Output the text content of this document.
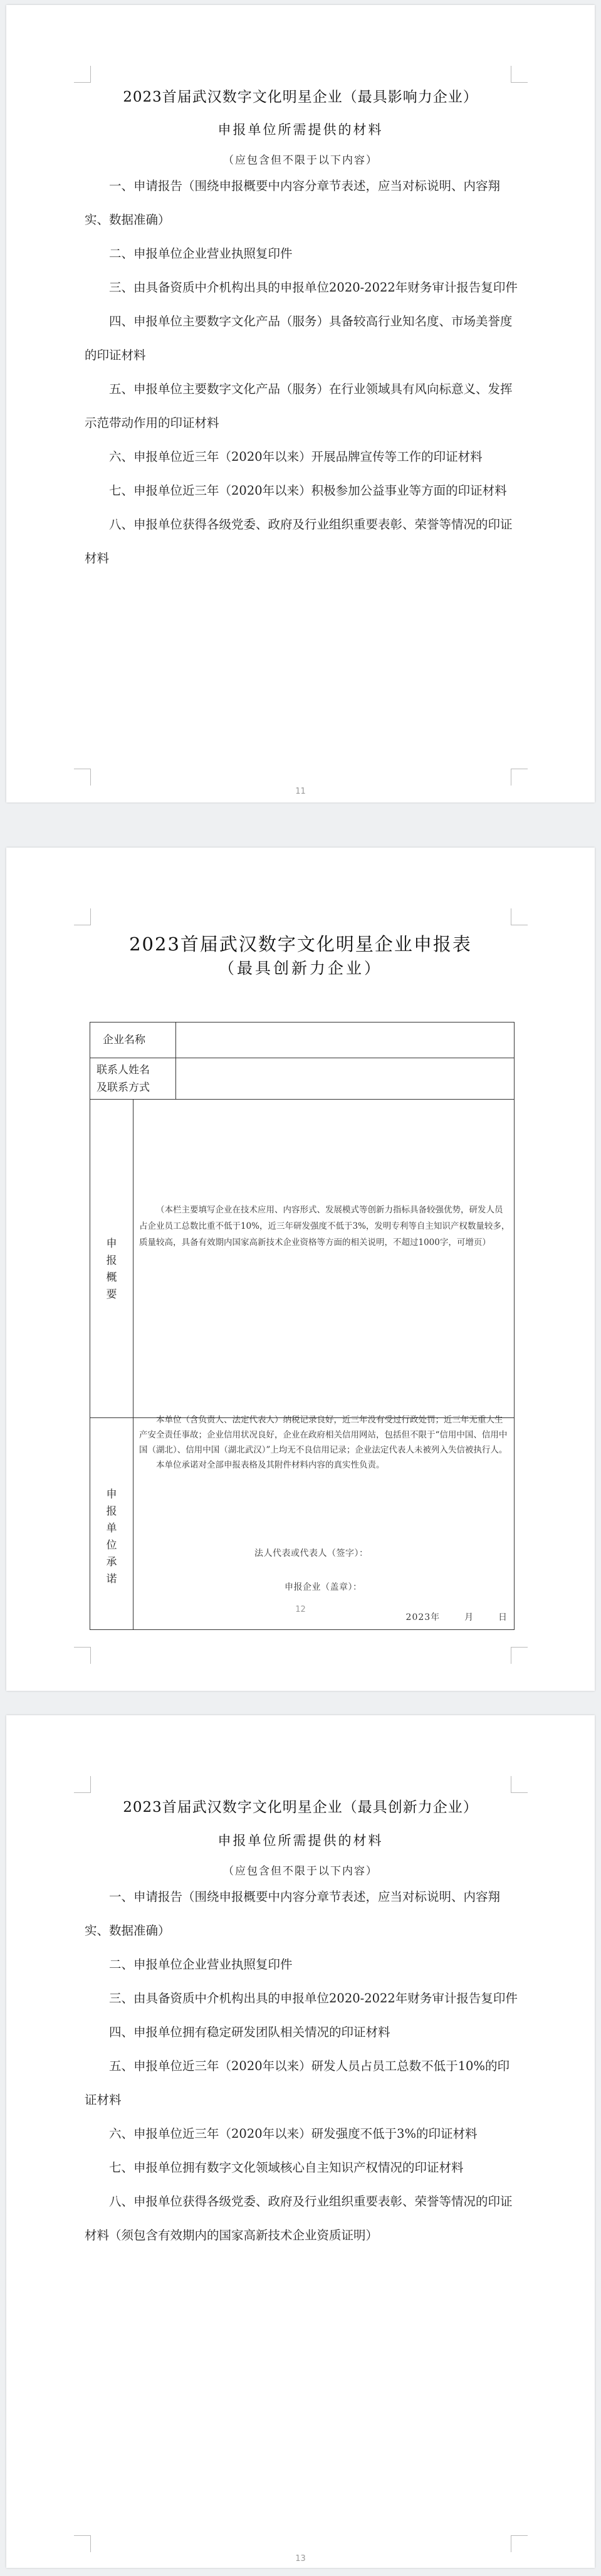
2023首届武汉数字文化明星企业（最具影响力企业）
申报单位所需提供的材料
（应包含但不限于以下内容）

一、申请报告（围绕申报概要中内容分章节表述，应当对标说明、内容翔实、数据准确）

二、申报单位企业营业执照复印件

三、由具备资质中介机构出具的申报单位2020-2022年财务审计报告复印件

四、申报单位主要数字文化产品（服务）具备较高行业知名度、市场美誉度的印证材料

五、申报单位主要数字文化产品（服务）在行业领域具有风向标意义、发挥示范带动作用的印证材料

六、申报单位近三年（2020年以来）开展品牌宣传等工作的印证材料

七、申报单位近三年（2020年以来）积极参加公益事业等方面的印证材料

八、申报单位获得各级党委、政府及行业组织重要表彰、荣誉等情况的印证材料

11
2023首届武汉数字文化明星企业申报表
（最具创新力企业）
企业名称
联系人姓名
及联系方式
申报概要
（本栏主要填写企业在技术应用、内容形式、发展模式等创新力指标具备较强优势，研发人员占企业员工总数比重不低于10%，近三年研发强度不低于3%，发明专利等自主知识产权数量较多，质量较高，具备有效期内国家高新技术企业资格等方面的相关说明，不超过1000字，可增页）
申报单位承诺

本单位（含负责人、法定代表人）纳税记录良好，近三年没有受过行政处罚；近三年无重大生产安全责任事故；企业信用状况良好，企业在政府相关信用网站，包括但不限于“信用中国、信用中国（湖北）、信用中国（湖北武汉）”上均无不良信用记录；企业法定代表人未被列入失信被执行人。

本单位承诺对全部申报表格及其附件材料内容的真实性负责。

法人代表或代表人（签字）：
申报企业（盖章）：
2023年	月	日
12
2023首届武汉数字文化明星企业（最具创新力企业）
申报单位所需提供的材料
（应包含但不限于以下内容）

一、申请报告（围绕申报概要中内容分章节表述，应当对标说明、内容翔实、数据准确）

二、申报单位企业营业执照复印件

三、由具备资质中介机构出具的申报单位2020-2022年财务审计报告复印件

四、申报单位拥有稳定研发团队相关情况的印证材料

五、申报单位近三年（2020年以来）研发人员占员工总数不低于10%的印证材料

六、申报单位近三年（2020年以来）研发强度不低于3%的印证材料

七、申报单位拥有数字文化领域核心自主知识产权情况的印证材料

八、申报单位获得各级党委、政府及行业组织重要表彰、荣誉等情况的印证材料（须包含有效期内的国家高新技术企业资质证明）

13
